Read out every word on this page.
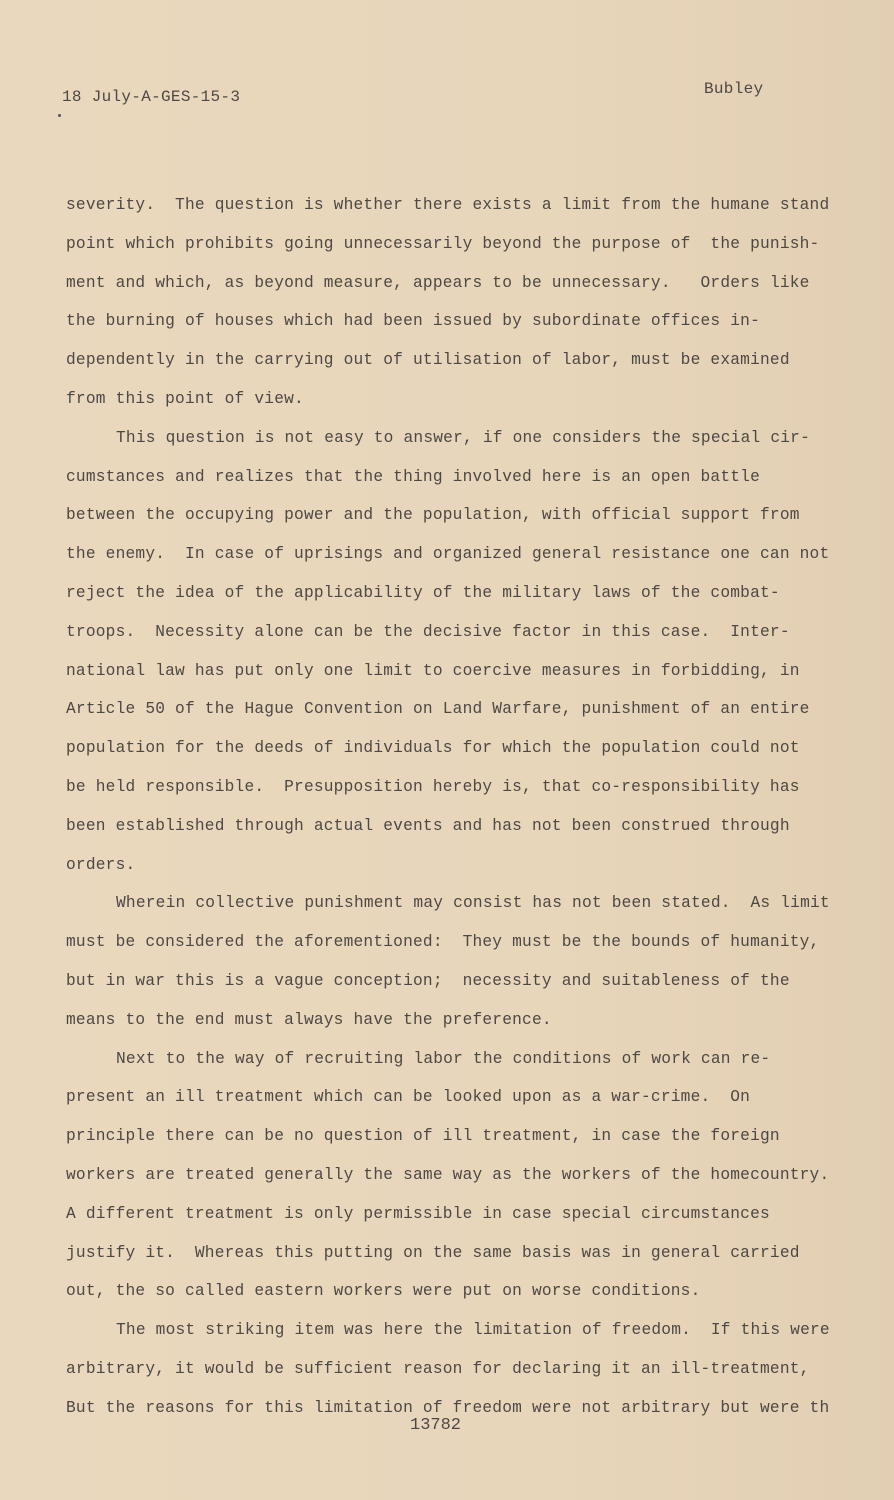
18 July-A-GES-15-3	Bubley
severity.  The question is whether there exists a limit from the humane stand
point which prohibits going unnecessarily beyond the purpose of  the punish-
ment and which, as beyond measure, appears to be unnecessary.   Orders like
the burning of houses which had been issued by subordinate offices in-
dependently in the carrying out of utilisation of labor, must be examined
from this point of view.
This question is not easy to answer, if one considers the special cir-
cumstances and realizes that the thing involved here is an open battle
between the occupying power and the population, with official support from
the enemy.  In case of uprisings and organized general resistance one can not
reject the idea of the applicability of the military laws of the combat-
troops.  Necessity alone can be the decisive factor in this case.  Inter-
national law has put only one limit to coercive measures in forbidding, in
Article 50 of the Hague Convention on Land Warfare, punishment of an entire
population for the deeds of individuals for which the population could not
be held responsible.  Presupposition hereby is, that co-responsibility has
been established through actual events and has not been construed through
orders.
Wherein collective punishment may consist has not been stated.  As limit
must be considered the aforementioned:  They must be the bounds of humanity,
but in war this is a vague conception;  necessity and suitableness of the
means to the end must always have the preference.
Next to the way of recruiting labor the conditions of work can re-
present an ill treatment which can be looked upon as a war-crime.  On
principle there can be no question of ill treatment, in case the foreign
workers are treated generally the same way as the workers of the homecountry.
A different treatment is only permissible in case special circumstances
justify it.  Whereas this putting on the same basis was in general carried
out, the so called eastern workers were put on worse conditions.
The most striking item was here the limitation of freedom.  If this were
arbitrary, it would be sufficient reason for declaring it an ill-treatment,
But the reasons for this limitation of freedom were not arbitrary but were th
13782
